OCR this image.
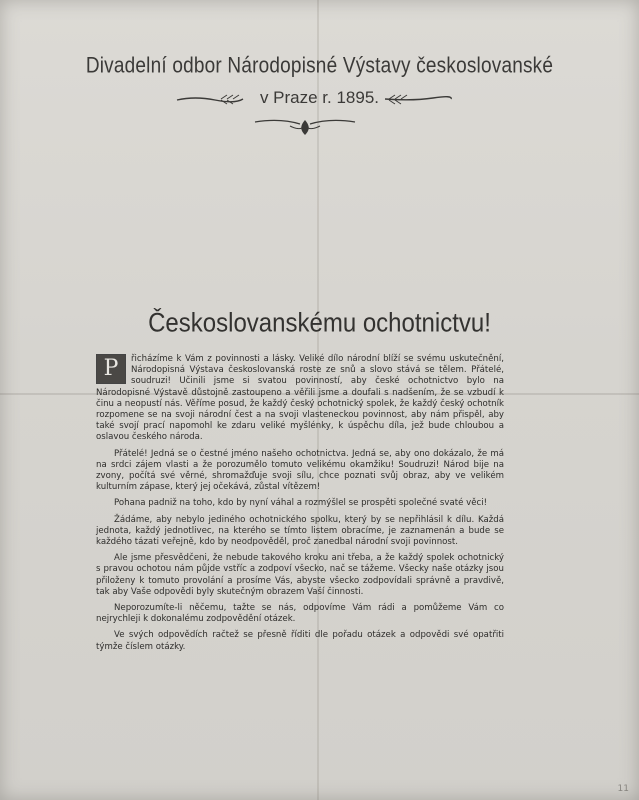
Divadelní odbor Národopisné Výstavy českoslovanské
v Praze r. 1895.
Českoslovanskému ochotnictvu!

P	řicházíme k Vám z povinnosti a lásky. Veliké dílo národní blíží se svému uskutečnění, Národopisná Výstava českoslovanská roste ze snů a slovo stává se tělem. Přátelé, soudruzi! Učinili jsme si svatou povinností, aby české ochotnictvo bylo na Národopisné Výstavě důstojně zastoupeno a věřili jsme a doufali s nadšením, že se vzbudí k činu a neopustí nás. Věříme posud, že každý český ochotnický spolek, že každý český ochotník rozpomene se na svoji národní čest a na svoji vlasteneckou povinnost, aby nám přispěl, aby také svojí prací napomohl ke zdaru veliké myšlénky, k úspěchu díla, jež bude chloubou a oslavou českého národa.

Přátelé! Jedná se o čestné jméno našeho ochotnictva. Jedná se, aby ono dokázalo, že má na srdci zájem vlasti a že porozumělo tomuto velikému okamžiku! Soudruzi! Národ bije na zvony, počítá své věrné, shromažďuje svoji sílu, chce poznati svůj obraz, aby ve velikém kulturním zápase, který jej očekává, zůstal vítězem!

Pohana padniž na toho, kdo by nyní váhal a rozmýšlel se prospěti společné svaté věci!

Žádáme, aby nebylo jediného ochotnického spolku, který by se nepřihlásil k dílu. Každá jednota, každý jednotlivec, na kterého se tímto listem obracíme, je zaznamenán a bude se každého tázati veřejně, kdo by neodpověděl, proč zanedbal národní svoji povinnost.

Ale jsme přesvědčeni, že nebude takového kroku ani třeba, a že každý spolek ochotnický s pravou ochotou nám půjde vstříc a zodpoví všecko, nač se tážeme. Všecky naše otázky jsou přiloženy k tomuto provolání a prosíme Vás, abyste všecko zodpovídali správně a pravdivě, tak aby Vaše odpovědi byly skutečným obrazem Vaší činnosti.

Neporozumíte-li něčemu, tažte se nás, odpovíme Vám rádi a pomůžeme Vám co nejrychleji k dokonalému zodpovědění otázek.

Ve svých odpovědích račtež se přesně říditi dle pořadu otázek a odpovědi své opatřiti týmže číslem otázky.

11
